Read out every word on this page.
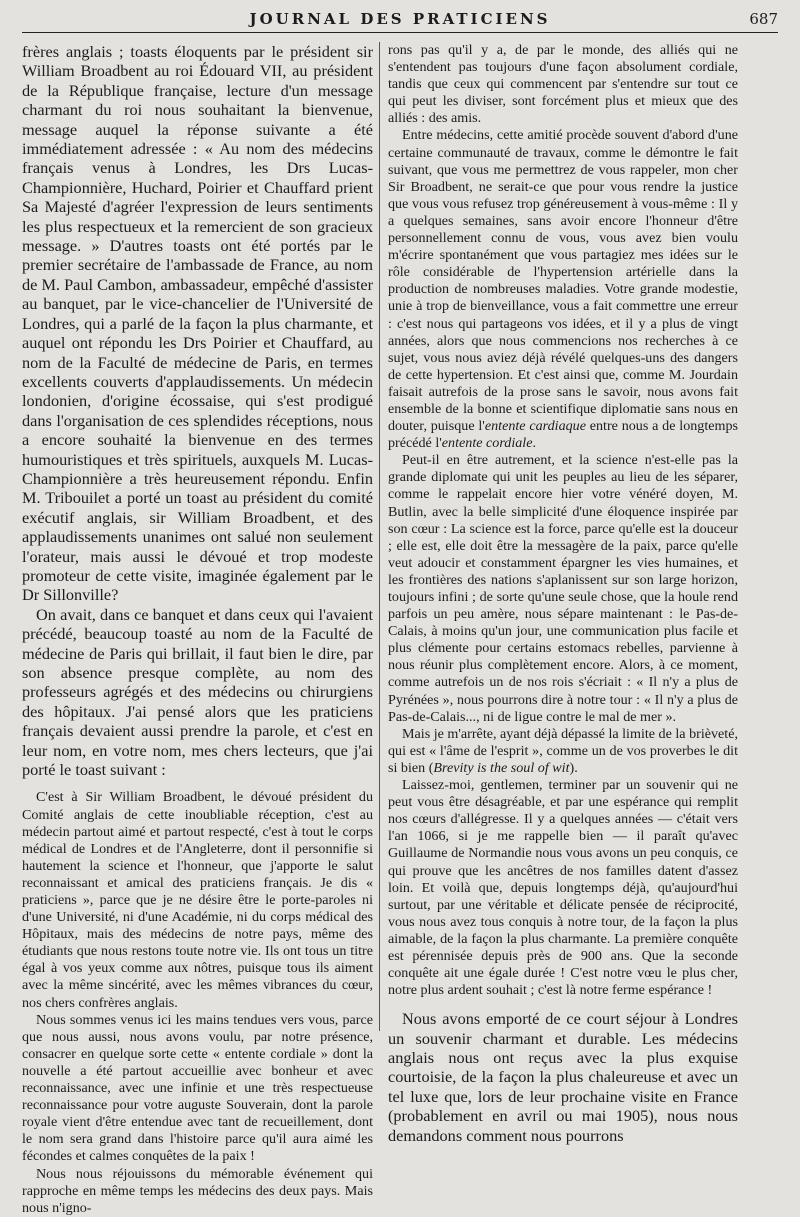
JOURNAL DES PRATICIENS	687

frères anglais ; toasts éloquents par le président sir William Broadbent au roi Édouard VII, au président de la République française, lecture d'un message charmant du roi nous souhaitant la bienvenue, message auquel la réponse suivante a été immédiatement adressée : « Au nom des médecins français venus à Londres, les Drs Lucas-Championnière, Huchard, Poirier et Chauffard prient Sa Majesté d'agréer l'expression de leurs sentiments les plus respectueux et la remercient de son gracieux message. » D'autres toasts ont été portés par le premier secrétaire de l'ambassade de France, au nom de M. Paul Cambon, ambassadeur, empêché d'assister au banquet, par le vice-chancelier de l'Université de Londres, qui a parlé de la façon la plus charmante, et auquel ont répondu les Drs Poirier et Chauffard, au nom de la Faculté de médecine de Paris, en termes excellents couverts d'applaudissements. Un médecin londonien, d'origine écossaise, qui s'est prodigué dans l'organisation de ces splendides réceptions, nous a encore souhaité la bienvenue en des termes humouristiques et très spirituels, auxquels M. Lucas-Championnière a très heureusement répondu. Enfin M. Tribouilet a porté un toast au président du comité exécutif anglais, sir William Broadbent, et des applaudissements unanimes ont salué non seulement l'orateur, mais aussi le dévoué et trop modeste promoteur de cette visite, imaginée également par le Dr Sillonville?

On avait, dans ce banquet et dans ceux qui l'avaient précédé, beaucoup toasté au nom de la Faculté de médecine de Paris qui brillait, il faut bien le dire, par son absence presque complète, au nom des professeurs agrégés et des médecins ou chirurgiens des hôpitaux. J'ai pensé alors que les praticiens français devaient aussi prendre la parole, et c'est en leur nom, en votre nom, mes chers lecteurs, que j'ai porté le toast suivant :

C'est à Sir William Broadbent, le dévoué président du Comité anglais de cette inoubliable réception, c'est au médecin partout aimé et partout respecté, c'est à tout le corps médical de Londres et de l'Angleterre, dont il personnifie si hautement la science et l'honneur, que j'apporte le salut reconnaissant et amical des praticiens français. Je dis « praticiens », parce que je ne désire être le porte-paroles ni d'une Université, ni d'une Académie, ni du corps médical des Hôpitaux, mais des médecins de notre pays, même des étudiants que nous restons toute notre vie. Ils ont tous un titre égal à vos yeux comme aux nôtres, puisque tous ils aiment avec la même sincérité, avec les mêmes vibrances du cœur, nos chers confrères anglais.

Nous sommes venus ici les mains tendues vers vous, parce que nous aussi, nous avons voulu, par notre présence, consacrer en quelque sorte cette « entente cordiale » dont la nouvelle a été partout accueillie avec bonheur et avec reconnaissance, avec une infinie et une très respectueuse reconnaissance pour votre auguste Souverain, dont la parole royale vient d'être entendue avec tant de recueillement, dont le nom sera grand dans l'histoire parce qu'il aura aimé les fécondes et calmes conquêtes de la paix !

Nous nous réjouissons du mémorable événement qui rapproche en même temps les médecins des deux pays. Mais nous n'igno-

rons pas qu'il y a, de par le monde, des alliés qui ne s'entendent pas toujours d'une façon absolument cordiale, tandis que ceux qui commencent par s'entendre sur tout ce qui peut les diviser, sont forcément plus et mieux que des alliés : des amis.

Entre médecins, cette amitié procède souvent d'abord d'une certaine communauté de travaux, comme le démontre le fait suivant, que vous me permettrez de vous rappeler, mon cher Sir Broadbent, ne serait-ce que pour vous rendre la justice que vous vous refusez trop généreusement à vous-même : Il y a quelques semaines, sans avoir encore l'honneur d'être personnellement connu de vous, vous avez bien voulu m'écrire spontanément que vous partagiez mes idées sur le rôle considérable de l'hypertension artérielle dans la production de nombreuses maladies. Votre grande modestie, unie à trop de bienveillance, vous a fait commettre une erreur : c'est nous qui partageons vos idées, et il y a plus de vingt années, alors que nous commencions nos recherches à ce sujet, vous nous aviez déjà révélé quelques-uns des dangers de cette hypertension. Et c'est ainsi que, comme M. Jourdain faisait autrefois de la prose sans le savoir, nous avons fait ensemble de la bonne et scientifique diplomatie sans nous en douter, puisque l'entente cardiaque entre nous a de longtemps précédé l'entente cordiale.

Peut-il en être autrement, et la science n'est-elle pas la grande diplomate qui unit les peuples au lieu de les séparer, comme le rappelait encore hier votre vénéré doyen, M. Butlin, avec la belle simplicité d'une éloquence inspirée par son cœur : La science est la force, parce qu'elle est la douceur ; elle est, elle doit être la messagère de la paix, parce qu'elle veut adoucir et constamment épargner les vies humaines, et les frontières des nations s'aplanissent sur son large horizon, toujours infini ; de sorte qu'une seule chose, que la houle rend parfois un peu amère, nous sépare maintenant : le Pas-de-Calais, à moins qu'un jour, une communication plus facile et plus clémente pour certains estomacs rebelles, parvienne à nous réunir plus complètement encore. Alors, à ce moment, comme autrefois un de nos rois s'écriait : « Il n'y a plus de Pyrénées », nous pourrons dire à notre tour : « Il n'y a plus de Pas-de-Calais..., ni de ligue contre le mal de mer ».

Mais je m'arrête, ayant déjà dépassé la limite de la brièveté, qui est « l'âme de l'esprit », comme un de vos proverbes le dit si bien (Brevity is the soul of wit).

Laissez-moi, gentlemen, terminer par un souvenir qui ne peut vous être désagréable, et par une espérance qui remplit nos cœurs d'allégresse. Il y a quelques années — c'était vers l'an 1066, si je me rappelle bien — il paraît qu'avec Guillaume de Normandie nous vous avons un peu conquis, ce qui prouve que les ancêtres de nos familles datent d'assez loin. Et voilà que, depuis longtemps déjà, qu'aujourd'hui surtout, par une véritable et délicate pensée de réciprocité, vous nous avez tous conquis à notre tour, de la façon la plus aimable, de la façon la plus charmante. La première conquête est pérennisée depuis près de 900 ans. Que la seconde conquête ait une égale durée ! C'est notre vœu le plus cher, notre plus ardent souhait ; c'est là notre ferme espérance !

Nous avons emporté de ce court séjour à Londres un souvenir charmant et durable. Les médecins anglais nous ont reçus avec la plus exquise courtoisie, de la façon la plus chaleureuse et avec un tel luxe que, lors de leur prochaine visite en France (probablement en avril ou mai 1905), nous nous demandons comment nous pourrons
